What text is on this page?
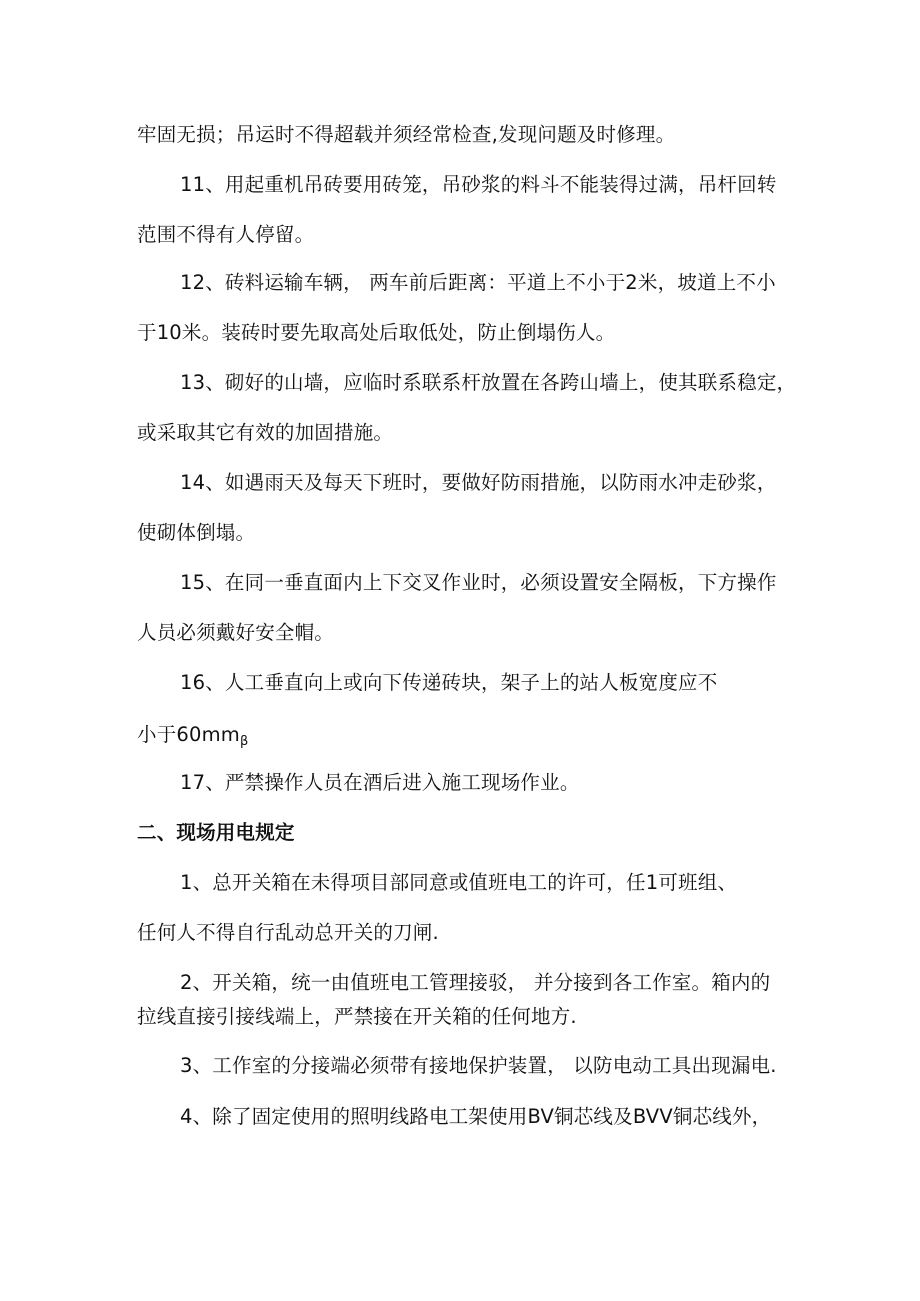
牢固无损；吊运时不得超载并须经常检查,发现问题及时修理。
11、用起重机吊砖要用砖笼，吊砂浆的料斗不能装得过满，吊杆回转
范围不得有人停留。
12、砖料运输车辆， 两车前后距离：平道上不小于2米，坡道上不小
于10米。装砖时要先取高处后取低处，防止倒塌伤人。
13、砌好的山墙，应临时系联系杆放置在各跨山墙上，使其联系稳定，
或采取其它有效的加固措施。
14、如遇雨天及每天下班时，要做好防雨措施，以防雨水冲走砂浆，
使砌体倒塌。
15、在同一垂直面内上下交叉作业时，必须设置安全隔板，下方操作
人员必须戴好安全帽。
16、人工垂直向上或向下传递砖块，架子上的站人板宽度应不
小于$60mm_\beta$
17、严禁操作人员在酒后进入施工现场作业。
二、现场用电规定
1、总开关箱在未得项目部同意或值班电工的许可，任1可班组、
任何人不得自行乱动总开关的刀闸.
2、开关箱，统一由值班电工管理接驳， 并分接到各工作室。箱内的
拉线直接引接线端上，严禁接在开关箱的任何地方.
3、工作室的分接端必须带有接地保护装置， 以防电动工具出现漏电.
4、除了固定使用的照明线路电工架使用BV铜芯线及BVV铜芯线外，
